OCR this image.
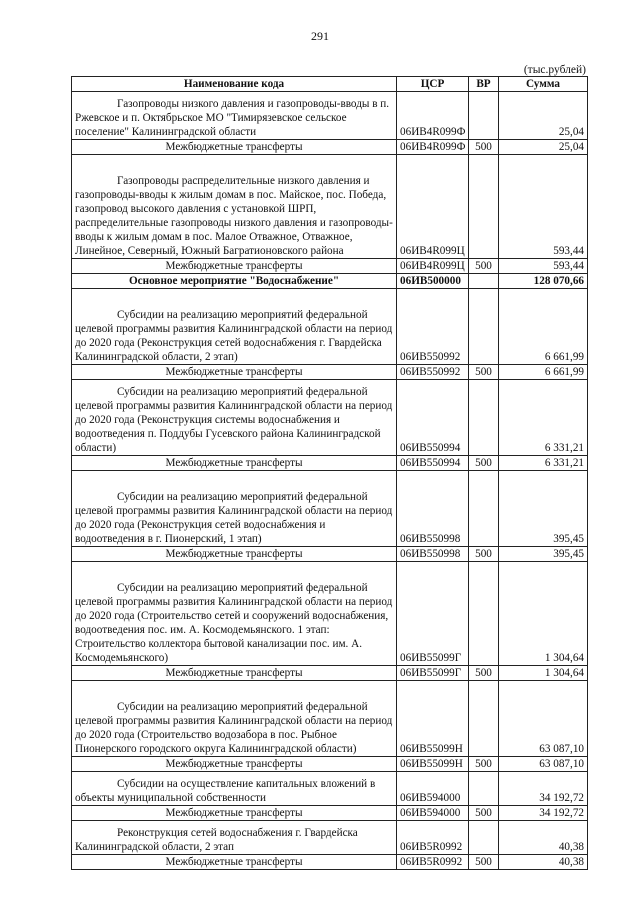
291
(тыс.рублей)
Наименование кода	ЦСР	ВР	Сумма

Газопроводы низкого давления и газопроводы-вводы в п. Ржевское и п. Октябрьское МО "Тимирязевское сельское поселение" Калининградской области	06ИВ4R099Ф		25,04

Межбюджетные трансферты	06ИВ4R099Ф	500	25,04

Газопроводы распределительные низкого давления и газопроводы-вводы к жилым домам в пос. Майское, пос. Победа, газопровод высокого давления с установкой ШРП, распределительные газопроводы низкого давления и газопроводы-вводы к жилым домам в пос. Малое Отважное, Отважное, Линейное, Северный, Южный Багратионовского района	06ИВ4R099Ц		593,44

Межбюджетные трансферты	06ИВ4R099Ц	500	593,44

Основное мероприятие "Водоснабжение"	06ИВ500000		128 070,66

Субсидии на реализацию мероприятий федеральной целевой программы развития Калининградской области на период до 2020 года (Реконструкция сетей водоснабжения г. Гвардейска Калининградской области, 2 этап)	06ИВ550992		6 661,99

Межбюджетные трансферты	06ИВ550992	500	6 661,99

Субсидии на реализацию мероприятий федеральной целевой программы развития Калининградской области на период до 2020 года (Реконструкция системы водоснабжения и водоотведения п. Поддубы Гусевского района Калининградской области)	06ИВ550994		6 331,21

Межбюджетные трансферты	06ИВ550994	500	6 331,21

Субсидии на реализацию мероприятий федеральной целевой программы развития Калининградской области на период до 2020 года (Реконструкция сетей водоснабжения и водоотведения в г. Пионерский, 1 этап)	06ИВ550998		395,45

Межбюджетные трансферты	06ИВ550998	500	395,45

Субсидии на реализацию мероприятий федеральной целевой программы развития Калининградской области на период до 2020 года (Строительство сетей и сооружений водоснабжения, водоотведения пос. им. А. Космодемьянского. 1 этап: Строительство коллектора бытовой канализации пос. им. А. Космодемьянского)	06ИВ55099Г		1 304,64

Межбюджетные трансферты	06ИВ55099Г	500	1 304,64

Субсидии на реализацию мероприятий федеральной целевой программы развития Калининградской области на период до 2020 года (Строительство водозабора в пос. Рыбное Пионерского городского округа Калининградской области)	06ИВ55099Н		63 087,10

Межбюджетные трансферты	06ИВ55099Н	500	63 087,10

Субсидии на осуществление капитальных вложений в объекты муниципальной собственности	06ИВ594000		34 192,72

Межбюджетные трансферты	06ИВ594000	500	34 192,72

Реконструкция сетей водоснабжения г. Гвардейска Калининградской области, 2 этап	06ИВ5R0992		40,38

Межбюджетные трансферты	06ИВ5R0992	500	40,38
